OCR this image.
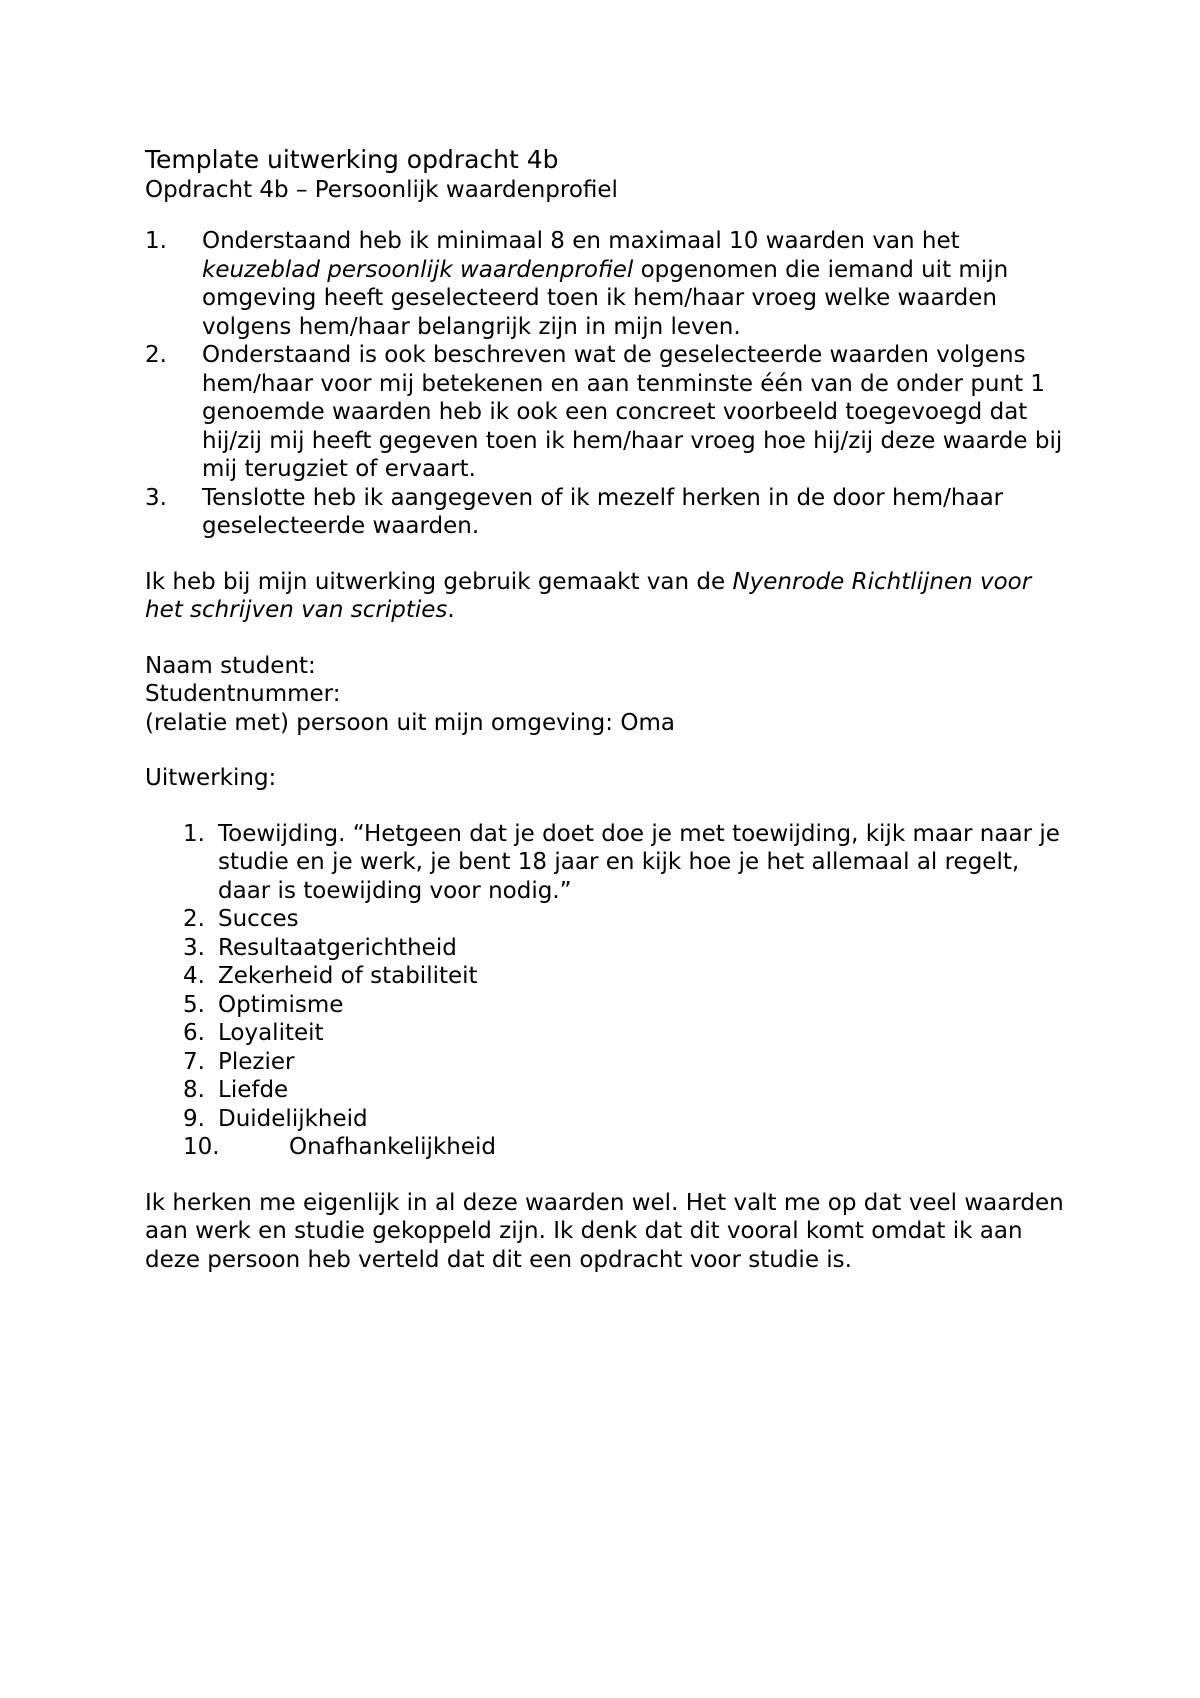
Template uitwerking opdracht 4b
Opdracht 4b – Persoonlijk waardenprofiel
1. Onderstaand heb ik minimaal 8 en maximaal 10 waarden van het keuzeblad persoonlijk waardenprofiel opgenomen die iemand uit mijn omgeving heeft geselecteerd toen ik hem/haar vroeg welke waarden volgens hem/haar belangrijk zijn in mijn leven.
2. Onderstaand is ook beschreven wat de geselecteerde waarden volgens hem/haar voor mij betekenen en aan tenminste één van de onder punt 1 genoemde waarden heb ik ook een concreet voorbeeld toegevoegd dat hij/zij mij heeft gegeven toen ik hem/haar vroeg hoe hij/zij deze waarde bij mij terugziet of ervaart.
3. Tenslotte heb ik aangegeven of ik mezelf herken in de door hem/haar geselecteerde waarden.

Ik heb bij mijn uitwerking gebruik gemaakt van de Nyenrode Richtlijnen voor het schrijven van scripties.

Naam student:
Studentnummer:
(relatie met) persoon uit mijn omgeving: Oma

Uitwerking:

1. Toewijding. “Hetgeen dat je doet doe je met toewijding, kijk maar naar je studie en je werk, je bent 18 jaar en kijk hoe je het allemaal al regelt, daar is toewijding voor nodig.”
2. Succes
3. Resultaatgerichtheid
4. Zekerheid of stabiliteit
5. Optimisme
6. Loyaliteit
7. Plezier
8. Liefde
9. Duidelijkheid
10.	Onafhankelijkheid

Ik herken me eigenlijk in al deze waarden wel. Het valt me op dat veel waarden aan werk en studie gekoppeld zijn. Ik denk dat dit vooral komt omdat ik aan deze persoon heb verteld dat dit een opdracht voor studie is.
